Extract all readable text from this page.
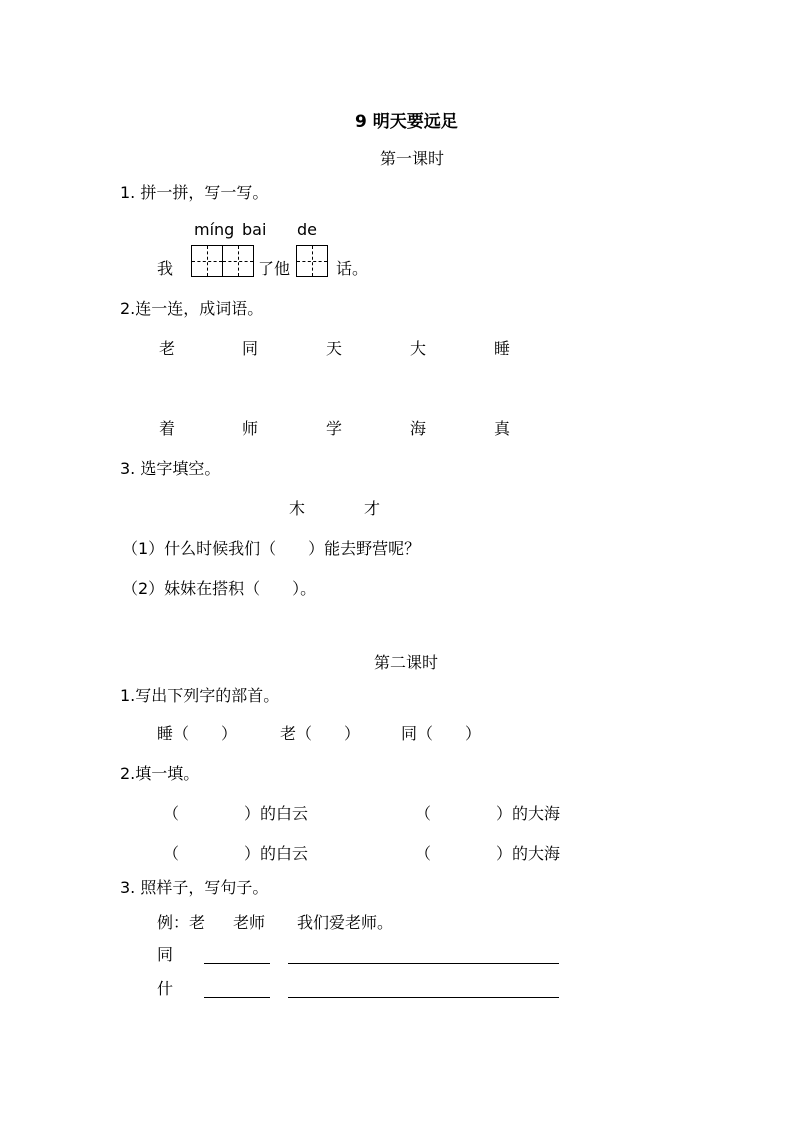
9 明天要远足
第一课时
1. 拼一拼，写一写。
míng bai de
我	了他	话。
2.连一连，成词语。
老	同	天	大	睡
着	师	学	海	真
3. 选字填空。
木	才
（1）什么时候我们（　　）能去野营呢？
（2）妹妹在搭积（　　）。
第二课时
1.写出下列字的部首。
睡（　　）	老（　　）	同（　　）
2.填一填。
（	） 的白云	（	） 的大海
（	） 的白云	（	） 的大海
3. 照样子，写句子。
例：老 老师 我们爱老师。
同
什
